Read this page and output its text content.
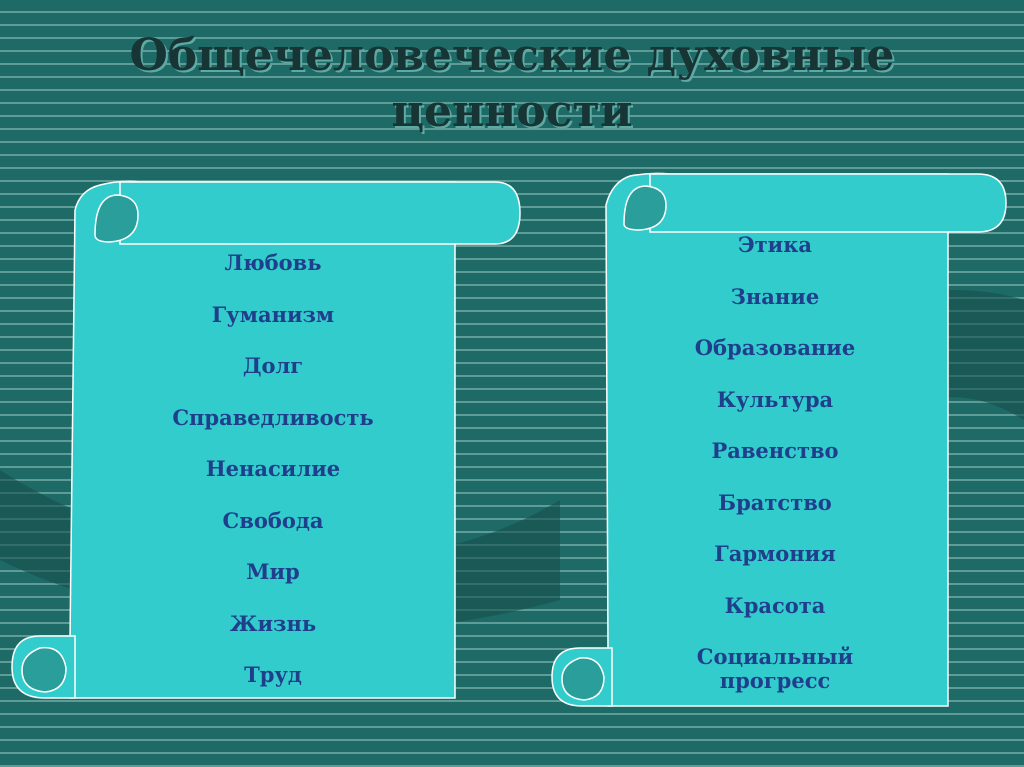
Общечеловеческие духовные
ценности
Любовь
Гуманизм
Долг
Справедливость
Ненасилие
Свобода
Мир
Жизнь
Труд
Этика
Знание
Образование
Культура
Равенство
Братство
Гармония
Красота
Социальный
прогресс
